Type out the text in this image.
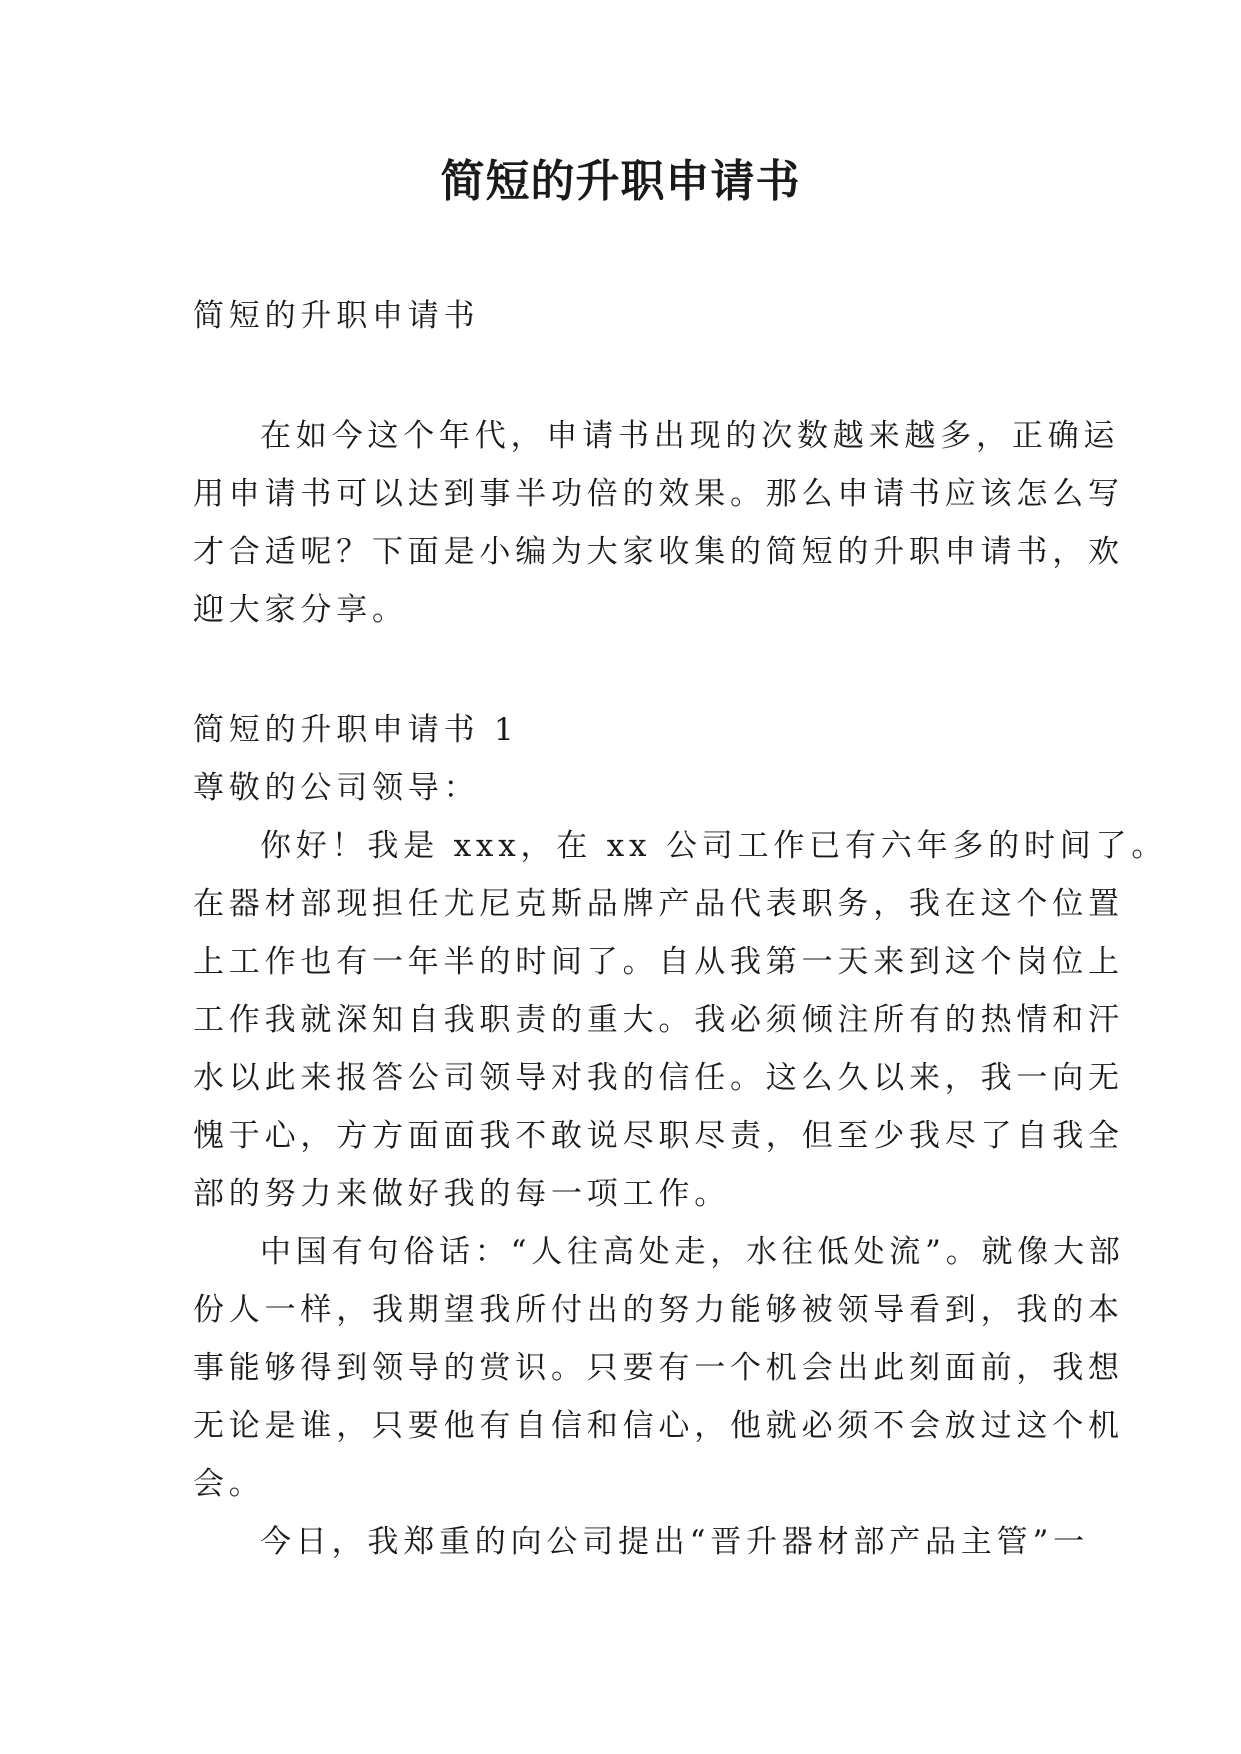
简短的升职申请书

简短的升职申请书

在如今这个年代，申请书出现的次数越来越多，正确运

用申请书可以达到事半功倍的效果。那么申请书应该怎么写

才合适呢？下面是小编为大家收集的简短的升职申请书，欢

迎大家分享。

简短的升职申请书 1

尊敬的公司领导：

你好！我是 xxx，在 xx 公司工作已有六年多的时间了。

在器材部现担任尤尼克斯品牌产品代表职务，我在这个位置

上工作也有一年半的时间了。自从我第一天来到这个岗位上

工作我就深知自我职责的重大。我必须倾注所有的热情和汗

水以此来报答公司领导对我的信任。这么久以来，我一向无

愧于心，方方面面我不敢说尽职尽责，但至少我尽了自我全

部的努力来做好我的每一项工作。

中国有句俗话：“人往高处走，水往低处流”。就像大部

份人一样，我期望我所付出的努力能够被领导看到，我的本

事能够得到领导的赏识。只要有一个机会出此刻面前，我想

无论是谁，只要他有自信和信心，他就必须不会放过这个机

会。

今日，我郑重的向公司提出“晋升器材部产品主管”一
